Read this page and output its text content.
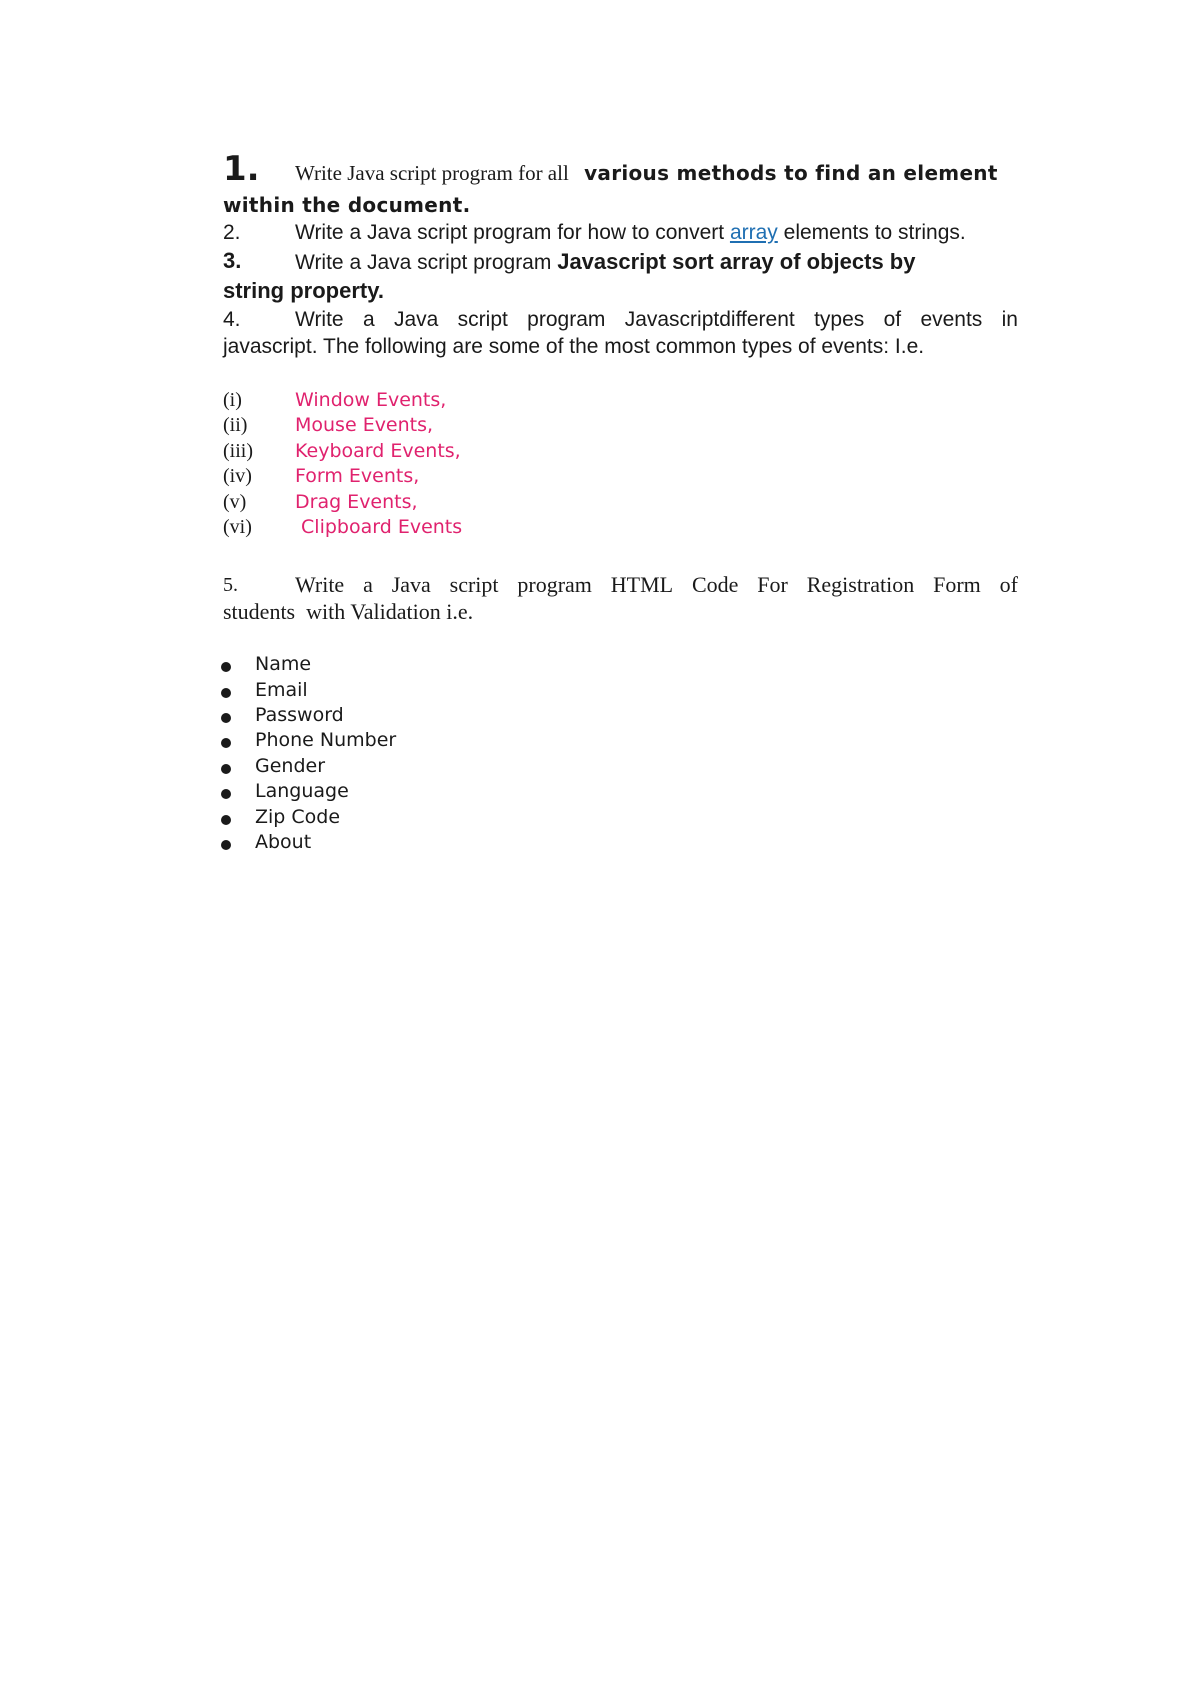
1. Write Java script program for all various methods to find an element
within the document.
2.	Write a Java script program for how to convert array elements to strings.
3.	Write a Java script program Javascript sort array of objects by
string property.
4.	Write a Java script program Javascriptdifferent types of events in
javascript. The following are some of the most common types of events: I.e.
(i)	Window Events,
(ii)	Mouse Events,
(iii) Keyboard Events,
(iv) Form Events,
(v)	Drag Events,
(vi) Clipboard Events
5.	Write a Java script program HTML Code For Registration Form of
students  with Validation i.e.
Name
Email
Password
Phone Number
Gender
Language
Zip Code
About
